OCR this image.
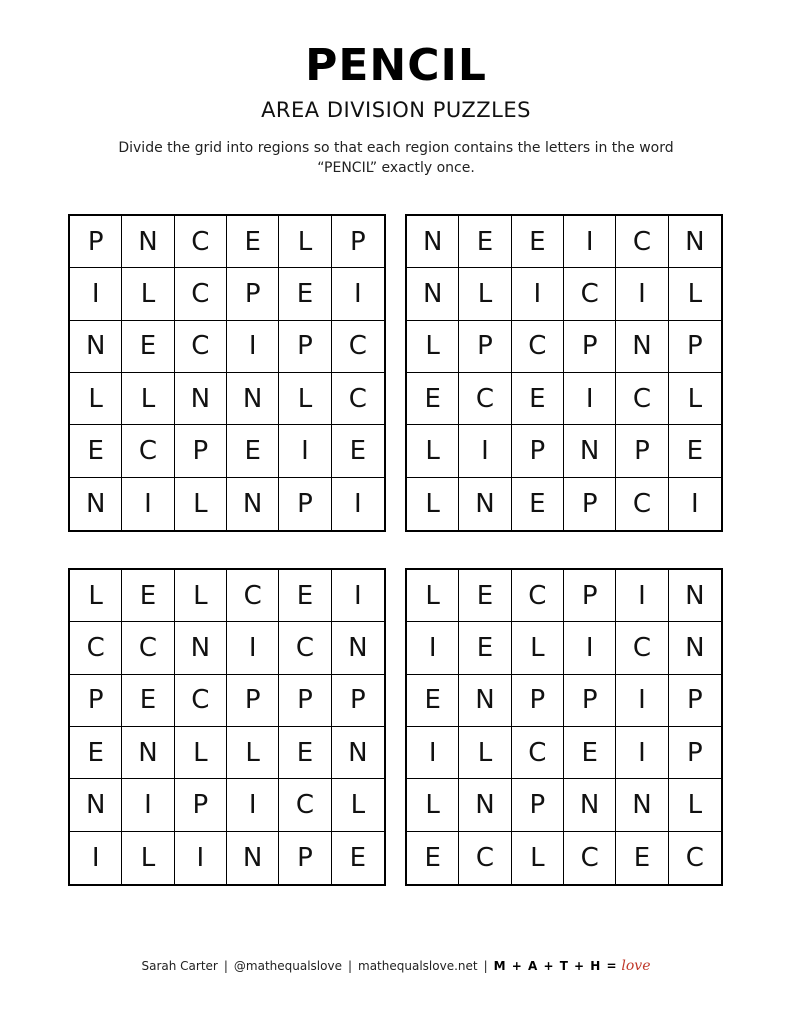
PENCIL
AREA DIVISION PUZZLES
Divide the grid into regions so that each region contains the letters in the word “PENCIL” exactly once.
P	N	C	E	L	P
I	L	C	P	E	I
N	E	C	I	P	C
L	L	N	N	L	C
E	C	P	E	I	E
N	I	L	N	P	I
N	E	E	I	C	N
N	L	I	C	I	L
L	P	C	P	N	P
E	C	E	I	C	L
L	I	P	N	P	E
L	N	E	P	C	I
L	E	L	C	E	I
C	C	N	I	C	N
P	E	C	P	P	P
E	N	L	L	E	N
N	I	P	I	C	L
I	L	I	N	P	E
L	E	C	P	I	N
I	E	L	I	C	N
E	N	P	P	I	P
I	L	C	E	I	P
L	N	P	N	N	L
E	C	L	C	E	C
Sarah Carter | @mathequalslove | mathequalslove.net | M + A + T + H = love
